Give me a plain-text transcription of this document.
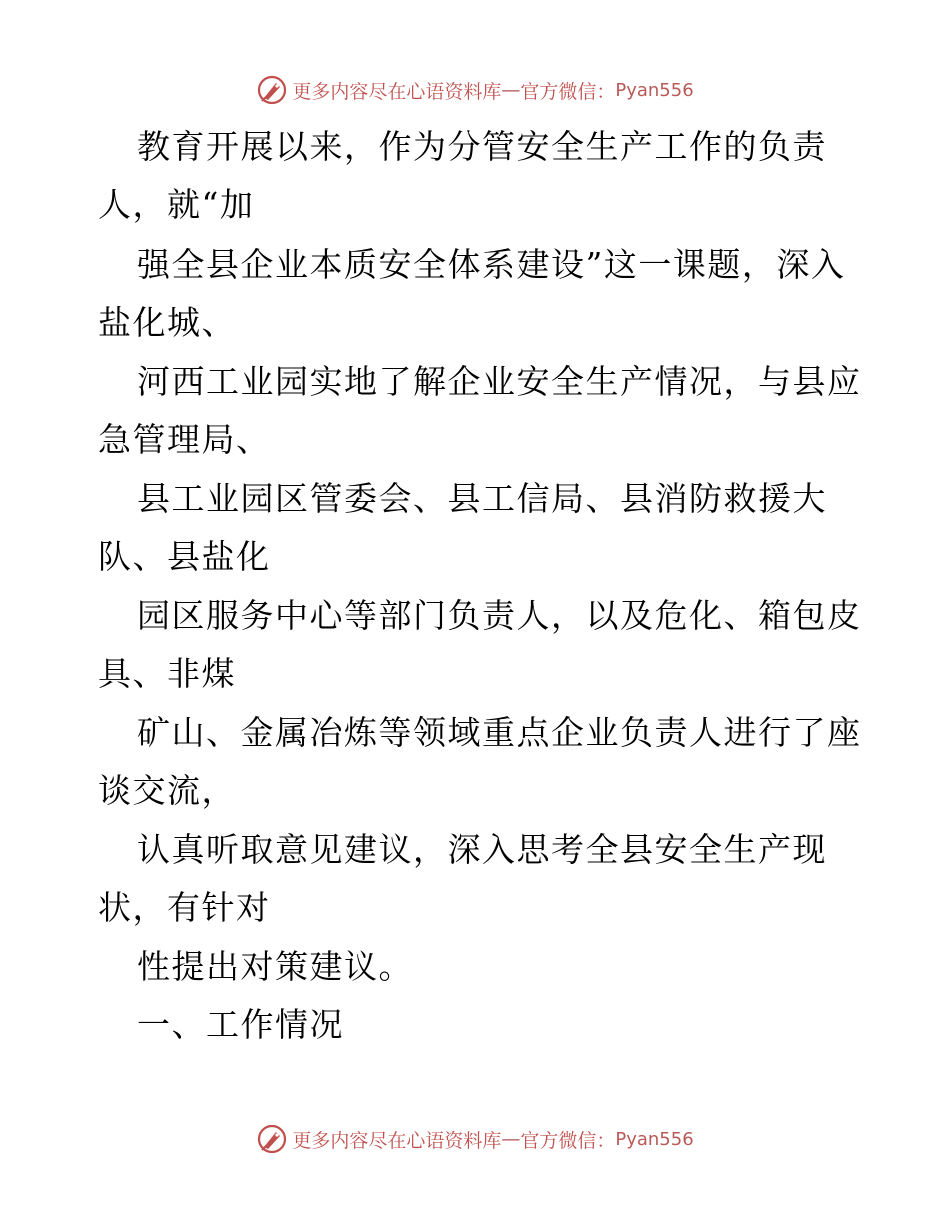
更多内容尽在心语资料库 — 官方微信： Pyan556
教育开展以来，作为分管安全生产工作的负责
人，就“加
强全县企业本质安全体系建设”这一课题，深入
盐化城、
河西工业园实地了解企业安全生产情况，与县应
急管理局、
县工业园区管委会、县工信局、县消防救援大
队、县盐化
园区服务中心等部门负责人，以及危化、箱包皮
具、非煤
矿山、金属冶炼等领域重点企业负责人进行了座
谈交流，
认真听取意见建议，深入思考全县安全生产现
状，有针对
性提出对策建议。
一、工作情况
更多内容尽在心语资料库 — 官方微信： Pyan556
